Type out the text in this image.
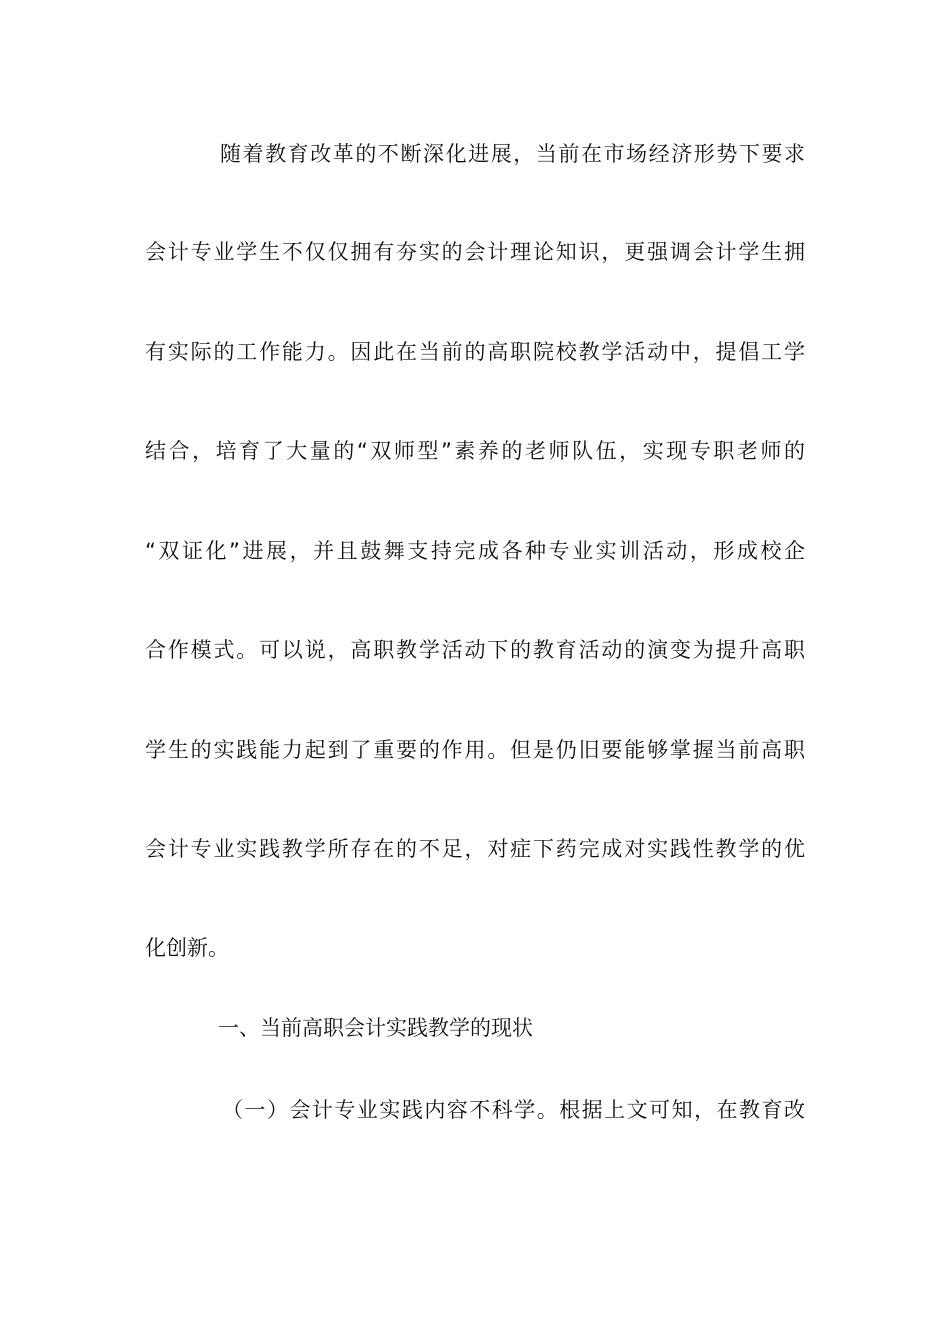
随着教育改革的不断深化进展，当前在市场经济形势下要求
会计专业学生不仅仅拥有夯实的会计理论知识，更强调会计学生拥
有实际的工作能力。因此在当前的高职院校教学活动中，提倡工学
结合，培育了大量的“双师型”素养的老师队伍，实现专职老师的
“双证化”进展，并且鼓舞支持完成各种专业实训活动，形成校企
合作模式。可以说，高职教学活动下的教育活动的演变为提升高职
学生的实践能力起到了重要的作用。但是仍旧要能够掌握当前高职
会计专业实践教学所存在的不足，对症下药完成对实践性教学的优
化创新。
一、当前高职会计实践教学的现状
（一）会计专业实践内容不科学。根据上文可知，在教育改
